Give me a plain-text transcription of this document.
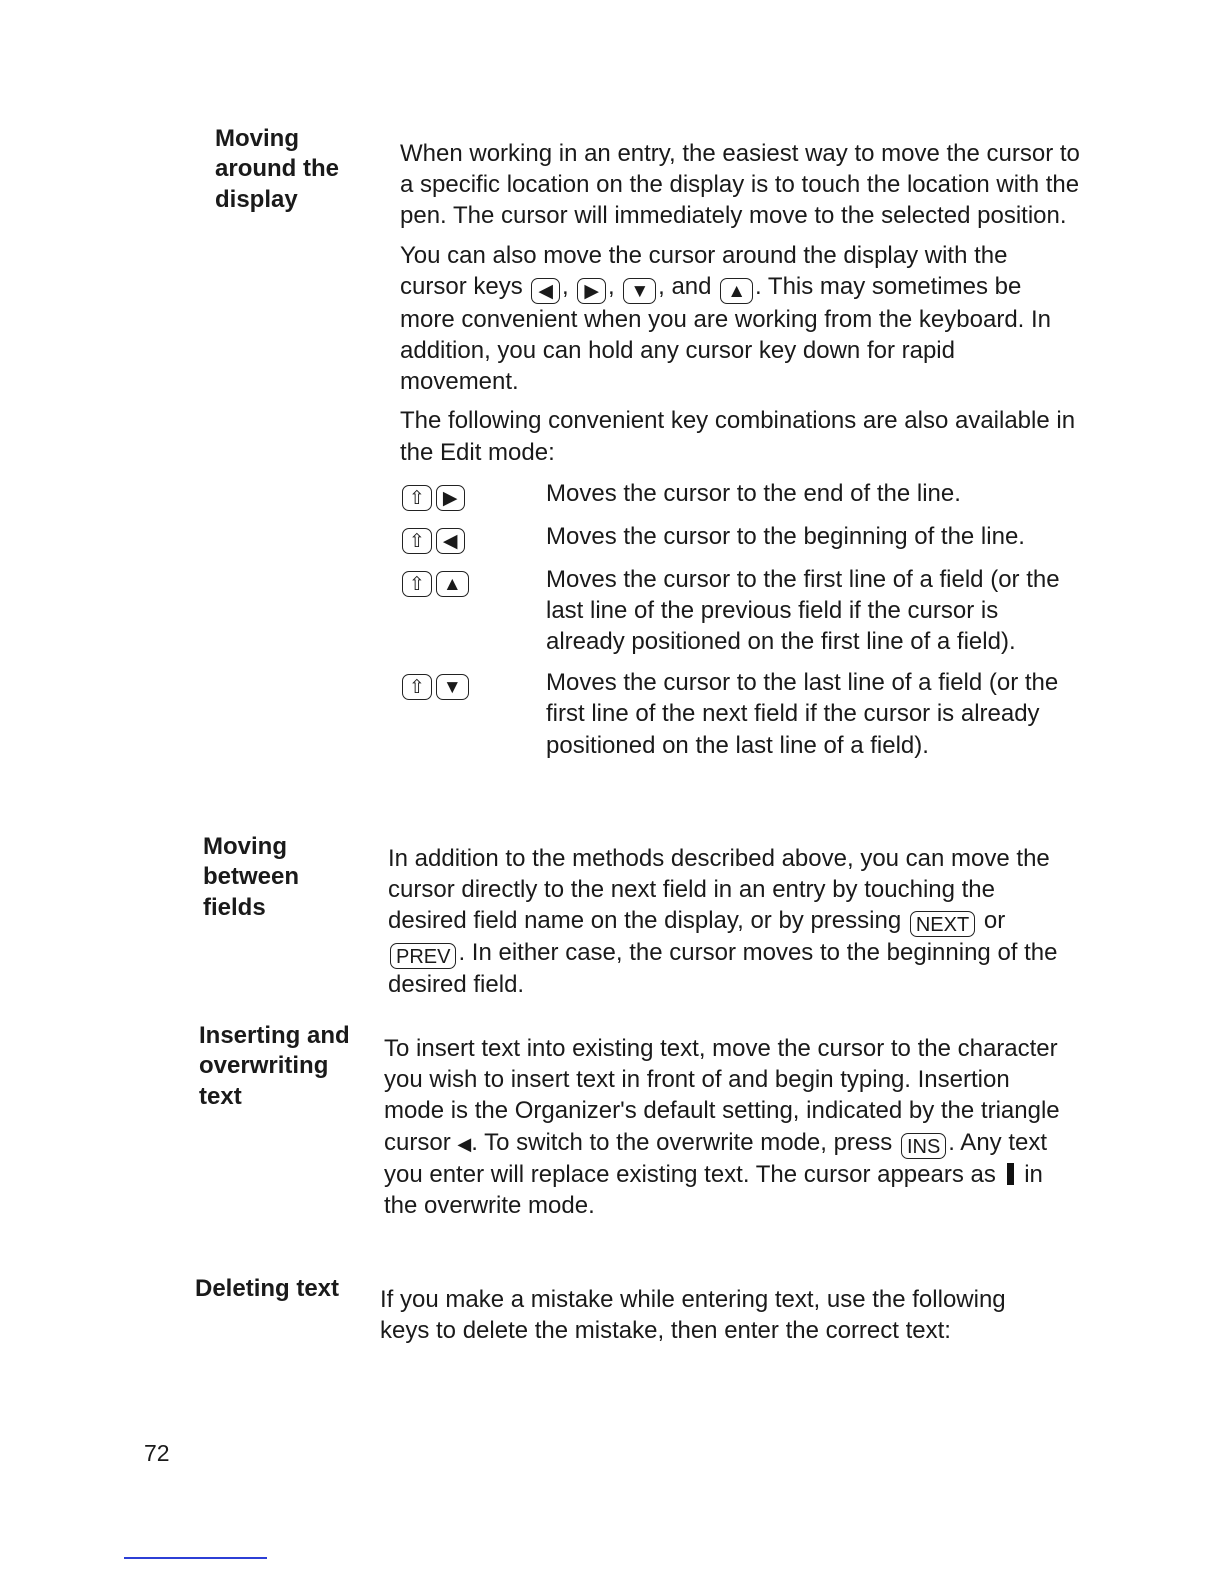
Moving
around the
display

When working in an entry, the easiest way to move the cursor to a specific location on the display is to touch the location with the pen. The cursor will immediately move to the selected position.

You can also move the cursor around the display with the cursor keys ◀ , ▶ , ▼ , and ▲ . This may sometimes be more convenient when you are working from the keyboard. In addition, you can hold any cursor key down for rapid movement.

The following convenient key combinations are also available in the Edit mode:

⇧ ▶	Moves the cursor to the end of the line.
⇧ ◀	Moves the cursor to the beginning of the line.
⇧ ▲	Moves the cursor to the first line of a field (or the last line of the previous field if the cursor is already positioned on the first line of a field).
⇧ ▼	Moves the cursor to the last line of a field (or the first line of the next field if the cursor is already positioned on the last line of a field).
Moving
between
fields

In addition to the methods described above, you can move the cursor directly to the next field in an entry by touching the desired field name on the display, or by pressing NEXT or PREV . In either case, the cursor moves to the beginning of the desired field.

Inserting and
overwriting
text

To insert text into existing text, move the cursor to the character you wish to insert text in front of and begin typing. Insertion mode is the Organizer's default setting, indicated by the triangle cursor ◀. To switch to the overwrite mode, press INS . Any text you enter will replace existing text. The cursor appears as in the overwrite mode.

Deleting text	If you make a mistake while entering text, use the following keys to delete the mistake, then enter the correct text:

72
